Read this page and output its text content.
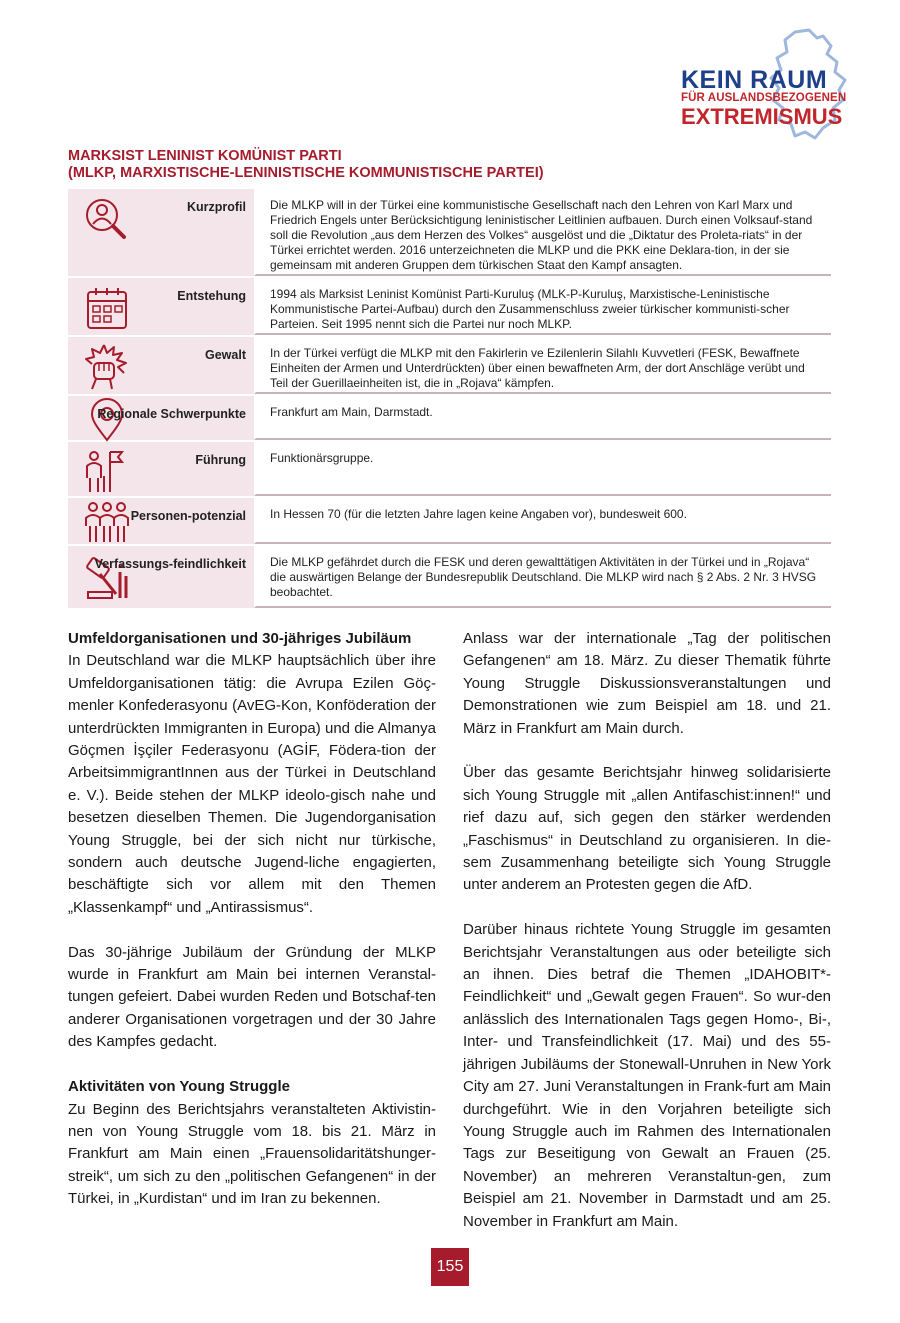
KEIN RAUM
FÜR AUSLANDSBEZOGENEN
EXTREMISMUS
MARKSIST LENINIST KOMÜNIST PARTI
(MLKP, MARXISTISCHE-LENINISTISCHE KOMMUNISTISCHE PARTEI)
Kurzprofil	Die MLKP will in der Türkei eine kommunistische Gesellschaft nach den Lehren von Karl Marx und Friedrich Engels unter Berücksichtigung leninistischer Leitlinien aufbauen. Durch einen Volksauf-stand soll die Revolution „aus dem Herzen des Volkes“ ausgelöst und die „Diktatur des Proleta-riats“ in der Türkei errichtet werden. 2016 unterzeichneten die MLKP und die PKK eine Deklara-tion, in der sie gemeinsam mit anderen Gruppen dem türkischen Staat den Kampf ansagten.
Entstehung	1994 als Marksist Leninist Komünist Parti-Kuruluş (MLK-P-Kuruluş, Marxistische-Leninistische Kommunistische Partei-Aufbau) durch den Zusammenschluss zweier türkischer kommunisti-scher Parteien. Seit 1995 nennt sich die Partei nur noch MLKP.
Gewalt	In der Türkei verfügt die MLKP mit den Fakirlerin ve Ezilenlerin Silahlı Kuvvetleri (FESK, Bewaffnete Einheiten der Armen und Unterdrückten) über einen bewaffneten Arm, der dort Anschläge verübt und Teil der Guerillaeinheiten ist, die in „Rojava“ kämpfen.
Regionale Schwerpunkte	Frankfurt am Main, Darmstadt.
Führung	Funktionärsgruppe.
Personen-potenzial	In Hessen 70 (für die letzten Jahre lagen keine Angaben vor), bundesweit 600.
Verfassungs-feindlichkeit	Die MLKP gefährdet durch die FESK und deren gewalttätigen Aktivitäten in der Türkei und in „Rojava“ die auswärtigen Belange der Bundesrepublik Deutschland. Die MLKP wird nach § 2 Abs. 2 Nr. 3 HVSG beobachtet.
Umfeldorganisationen und 30-jähriges Jubiläum

In Deutschland war die MLKP hauptsächlich über ihre Umfeldorganisationen tätig: die Avrupa Ezilen Göç-menler Konfederasyonu (AvEG-Kon, Konföderation der unterdrückten Immigranten in Europa) und die Almanya Göçmen İşçiler Federasyonu (AGİF, Födera-tion der ArbeitsimmigrantInnen aus der Türkei in Deutschland e. V.). Beide stehen der MLKP ideolo-gisch nahe und besetzen dieselben Themen. Die Jugendorganisation Young Struggle, bei der sich nicht nur türkische, sondern auch deutsche Jugend-liche engagierten, beschäftigte sich vor allem mit den Themen „Klassenkampf“ und „Antirassismus“.

Das 30-jährige Jubiläum der Gründung der MLKP wurde in Frankfurt am Main bei internen Veranstal-tungen gefeiert. Dabei wurden Reden und Botschaf-ten anderer Organisationen vorgetragen und der 30 Jahre des Kampfes gedacht.

Aktivitäten von Young Struggle

Zu Beginn des Berichtsjahrs veranstalteten Aktivistin-nen von Young Struggle vom 18. bis 21. März in Frankfurt am Main einen „Frauensolidaritätshunger-streik“, um sich zu den „politischen Gefangenen“ in der Türkei, in „Kurdistan“ und im Iran zu bekennen.

Anlass war der internationale „Tag der politischen Gefangenen“ am 18. März. Zu dieser Thematik führte Young Struggle Diskussionsveranstaltungen und Demonstrationen wie zum Beispiel am 18. und 21. März in Frankfurt am Main durch.

Über das gesamte Berichtsjahr hinweg solidarisierte sich Young Struggle mit „allen Antifaschist:innen!“ und rief dazu auf, sich gegen den stärker werdenden „Faschismus“ in Deutschland zu organisieren. In die-sem Zusammenhang beteiligte sich Young Struggle unter anderem an Protesten gegen die AfD.

Darüber hinaus richtete Young Struggle im gesamten Berichtsjahr Veranstaltungen aus oder beteiligte sich an ihnen. Dies betraf die Themen „IDAHOBIT*-Feindlichkeit“ und „Gewalt gegen Frauen“. So wur-den anlässlich des Internationalen Tags gegen Homo-, Bi-, Inter- und Transfeindlichkeit (17. Mai) und des 55-jährigen Jubiläums der Stonewall-Unruhen in New York City am 27. Juni Veranstaltungen in Frank-furt am Main durchgeführt. Wie in den Vorjahren beteiligte sich Young Struggle auch im Rahmen des Internationalen Tags zur Beseitigung von Gewalt an Frauen (25. November) an mehreren Veranstaltun-gen, zum Beispiel am 21. November in Darmstadt und am 25. November in Frankfurt am Main.

155
